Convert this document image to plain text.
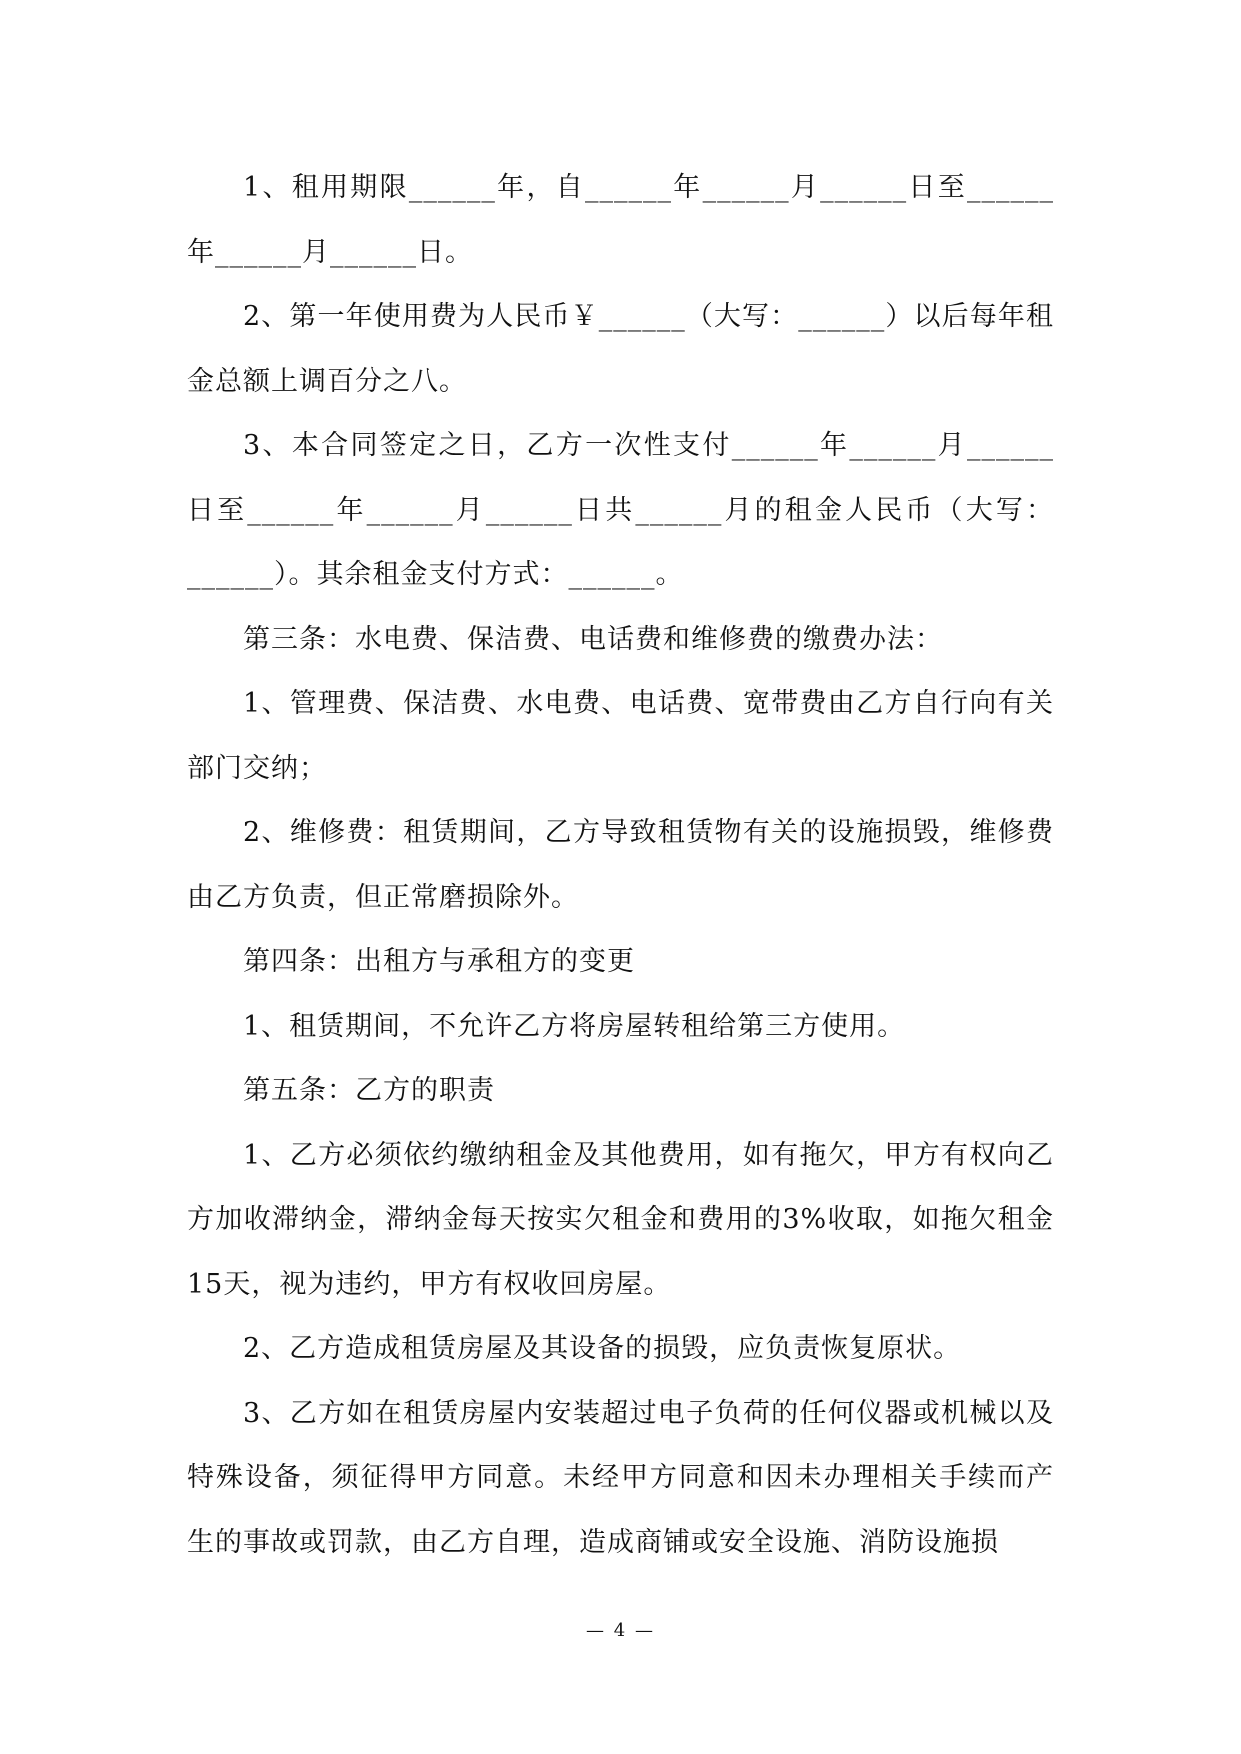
1、租用期限______年，自______年______月______日至______年______月______日。

2、第一年使用费为人民币￥______（大写：______）以后每年租金总额上调百分之八。

3、本合同签定之日，乙方一次性支付______年______月______日至______年______月______日共______月的租金人民币（大写：______）。其余租金支付方式：______。

第三条：水电费、保洁费、电话费和维修费的缴费办法：

1、管理费、保洁费、水电费、电话费、宽带费由乙方自行向有关部门交纳；

2、维修费：租赁期间，乙方导致租赁物有关的设施损毁，维修费由乙方负责，但正常磨损除外。

第四条：出租方与承租方的变更

1、租赁期间，不允许乙方将房屋转租给第三方使用。

第五条：乙方的职责

1、乙方必须依约缴纳租金及其他费用，如有拖欠，甲方有权向乙方加收滞纳金，滞纳金每天按实欠租金和费用的3%收取，如拖欠租金15天，视为违约，甲方有权收回房屋。

2、乙方造成租赁房屋及其设备的损毁，应负责恢复原状。

3、乙方如在租赁房屋内安装超过电子负荷的任何仪器或机械以及特殊设备，须征得甲方同意。未经甲方同意和因未办理相关手续而产生的事故或罚款，由乙方自理，造成商铺或安全设施、消防设施损

— 4 —
